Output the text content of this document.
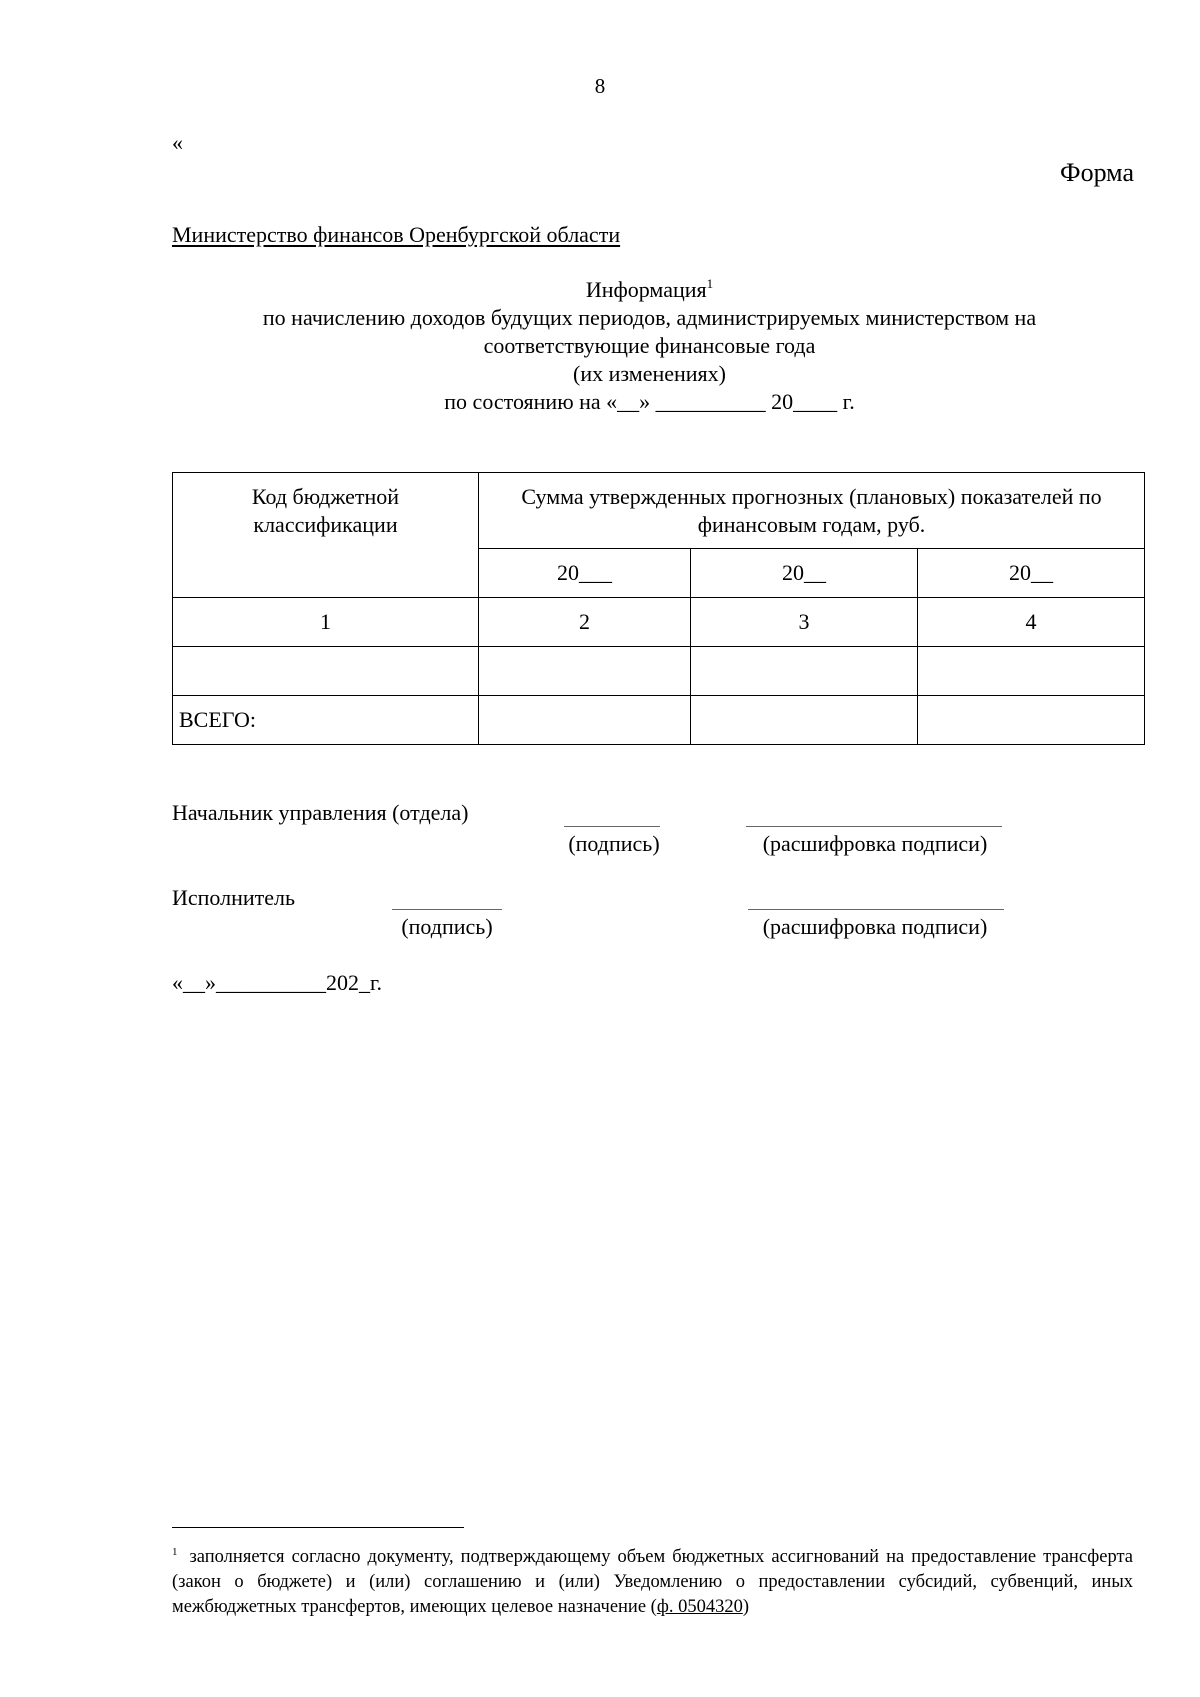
8
«
Форма
Министерство финансов Оренбургской области
Информация$^1$
по начислению доходов будущих периодов, администрируемых министерством на
соответствующие финансовые года
(их изменениях)
по состоянию на «__» __________ 20____ г.
Код бюджетной классификации	Сумма утвержденных прогнозных (плановых) показателей по финансовым годам, руб.		
	20___	20__	20__
1	2	3	4

ВСЕГО:			
Начальник управления (отдела)
(подпись)	(расшифровка подписи)
Исполнитель
(подпись)	(расшифровка подписи)
«__»__________202_г.
$^1$ заполняется согласно документу, подтверждающему объем бюджетных ассигнований на предоставление трансферта (закон о бюджете) и (или) соглашению и (или) Уведомлению о предоставлении субсидий, субвенций, иных межбюджетных трансфертов, имеющих целевое назначение (ф. 0504320)
